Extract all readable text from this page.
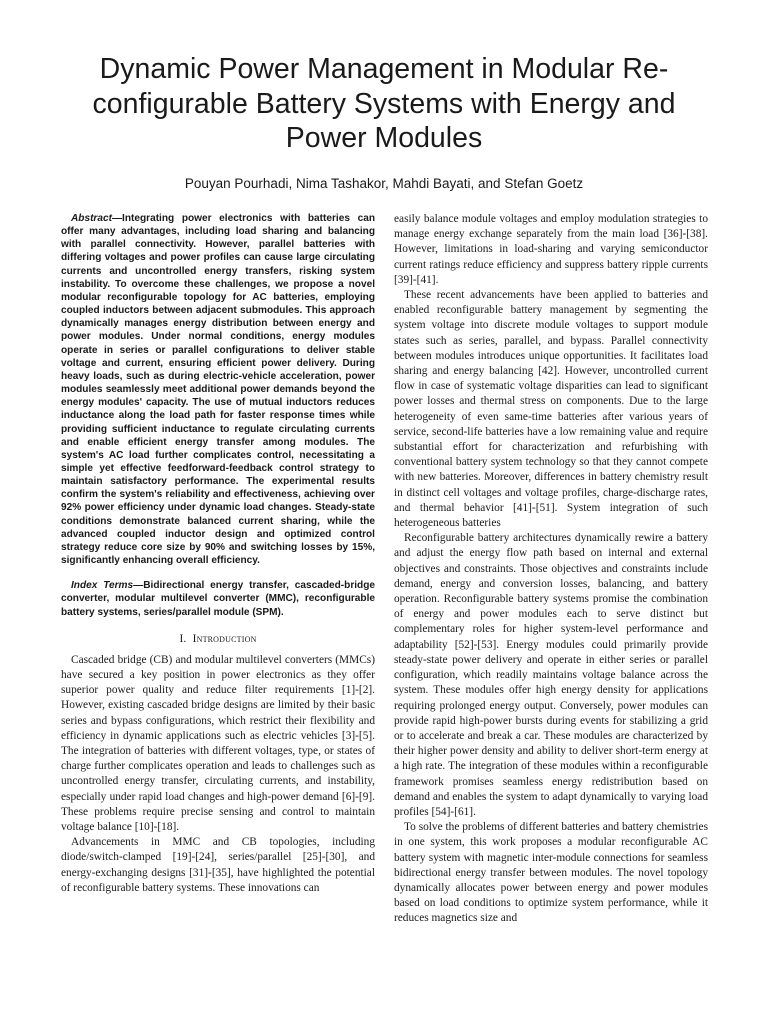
Dynamic Power Management in Modular Re-configurable Battery Systems with Energy and Power Modules

Pouyan Pourhadi, Nima Tashakor, Mahdi Bayati, and Stefan Goetz

Abstract—Integrating power electronics with batteries can offer many advantages, including load sharing and balancing with parallel connectivity. However, parallel batteries with differing voltages and power profiles can cause large circulating currents and uncontrolled energy transfers, risking system instability. To overcome these challenges, we propose a novel modular reconfigurable topology for AC batteries, employing coupled inductors between adjacent submodules. This approach dynamically manages energy distribution between energy and power modules. Under normal conditions, energy modules operate in series or parallel configurations to deliver stable voltage and current, ensuring efficient power delivery. During heavy loads, such as during electric-vehicle acceleration, power modules seamlessly meet additional power demands beyond the energy modules' capacity. The use of mutual inductors reduces inductance along the load path for faster response times while providing sufficient inductance to regulate circulating currents and enable efficient energy transfer among modules. The system's AC load further complicates control, necessitating a simple yet effective feedforward-feedback control strategy to maintain satisfactory performance. The experimental results confirm the system's reliability and effectiveness, achieving over 92% power efficiency under dynamic load changes. Steady-state conditions demonstrate balanced current sharing, while the advanced coupled inductor design and optimized control strategy reduce core size by 90% and switching losses by 15%, significantly enhancing overall efficiency.

Index Terms—Bidirectional energy transfer, cascaded-bridge converter, modular multilevel converter (MMC), reconfigurable battery systems, series/parallel module (SPM).

I. Introduction

Cascaded bridge (CB) and modular multilevel converters (MMCs) have secured a key position in power electronics as they offer superior power quality and reduce filter requirements [1]-[2]. However, existing cascaded bridge designs are limited by their basic series and bypass configurations, which restrict their flexibility and efficiency in dynamic applications such as electric vehicles [3]-[5]. The integration of batteries with different voltages, type, or states of charge further complicates operation and leads to challenges such as uncontrolled energy transfer, circulating currents, and instability, especially under rapid load changes and high-power demand [6]-[9]. These problems require precise sensing and control to maintain voltage balance [10]-[18].

Advancements in MMC and CB topologies, including diode/switch-clamped [19]-[24], series/parallel [25]-[30], and energy-exchanging designs [31]-[35], have highlighted the potential of reconfigurable battery systems. These innovations can

easily balance module voltages and employ modulation strategies to manage energy exchange separately from the main load [36]-[38]. However, limitations in load-sharing and varying semiconductor current ratings reduce efficiency and suppress battery ripple currents [39]-[41].

These recent advancements have been applied to batteries and enabled reconfigurable battery management by segmenting the system voltage into discrete module voltages to support module states such as series, parallel, and bypass. Parallel connectivity between modules introduces unique opportunities. It facilitates load sharing and energy balancing [42]. However, uncontrolled current flow in case of systematic voltage disparities can lead to significant power losses and thermal stress on components. Due to the large heterogeneity of even same-time batteries after various years of service, second-life batteries have a low remaining value and require substantial effort for characterization and refurbishing with conventional battery system technology so that they cannot compete with new batteries. Moreover, differences in battery chemistry result in distinct cell voltages and voltage profiles, charge-discharge rates, and thermal behavior [41]-[51]. System integration of such heterogeneous batteries

Reconfigurable battery architectures dynamically rewire a battery and adjust the energy flow path based on internal and external objectives and constraints. Those objectives and constraints include demand, energy and conversion losses, balancing, and battery operation. Reconfigurable battery systems promise the combination of energy and power modules each to serve distinct but complementary roles for higher system-level performance and adaptability [52]-[53]. Energy modules could primarily provide steady-state power delivery and operate in either series or parallel configuration, which readily maintains voltage balance across the system. These modules offer high energy density for applications requiring prolonged energy output. Conversely, power modules can provide rapid high-power bursts during events for stabilizing a grid or to accelerate and break a car. These modules are characterized by their higher power density and ability to deliver short-term energy at a high rate. The integration of these modules within a reconfigurable framework promises seamless energy redistribution based on demand and enables the system to adapt dynamically to varying load profiles [54]-[61].

To solve the problems of different batteries and battery chemistries in one system, this work proposes a modular reconfigurable AC battery system with magnetic inter-module connections for seamless bidirectional energy transfer between modules. The novel topology dynamically allocates power between energy and power modules based on load conditions to optimize system performance, while it reduces magnetics size and
